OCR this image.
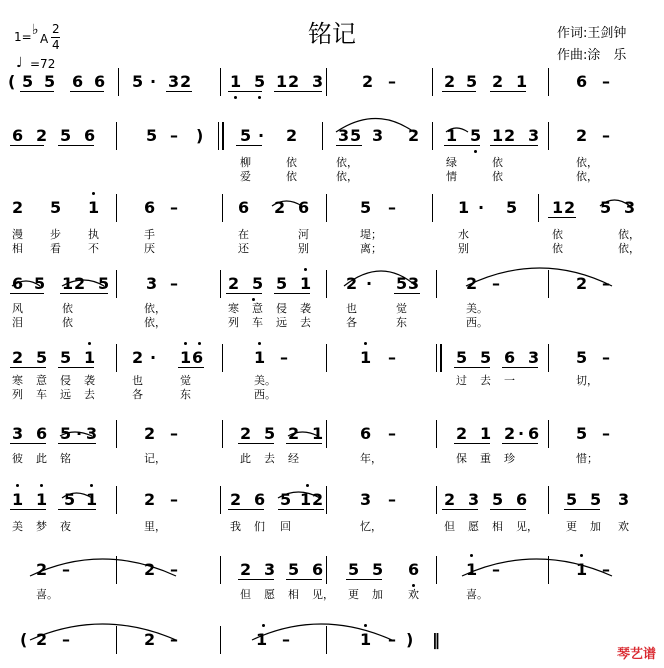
铭记	作词:王剑钟
作曲:涂　乐
1= ♭
A
2
4
♩ =72
( 5 5 6 6 5 · 3 2 1 5 1 2 3 2 –	2 5 2 1	6 –
6 2 5 6	5 – ) 5 · 2	3 5 3 2 1 5 1 2 3 2 –
2 5 1	6 –	6 2 6	5 –	1 · 5 1 2 5 3
6 5 1 2 5 3 –	2 5 5 1 2 · 5 3	2 –	2 –
2 5 5 1 2 · 1 6	1 –	1 –	5 5 6 3 5 –
3 6 5 · 3	2 –	2 5 2 1 6 –	2 1 2 · 6 5 –
1 1 5 1	2 –	2 6 5 1 2 3 –	2 3 5 6 5 5 3
2 –	2 –	2 3 5 6 5 5 6	1 –	1 –
( 2 –	2 –	1 –	1 – ) ‖
柳	依	依，	绿	依	依，
爱	依	依，	情	依	依，
漫 步 执	手	在	河	堤；	水	依	依，
相 看 不	厌	还	别	离；	别	依	依，
风	依	依，	寒 意 侵 袭	也	觉	美。
泪	依	依，	列 车 远 去	各	东	西。
寒 意 侵 袭	也	觉	美。	过 去 一	切，
列 车 远 去	各	东	西。
彼 此 铭	记，	此 去 经	年，	保 重 珍	惜；
美 梦 夜	里，	我 们 回	忆，	但 愿 相 见，	更 加 欢
喜。	但 愿 相 见， 更 加 欢	喜。
琴艺谱
